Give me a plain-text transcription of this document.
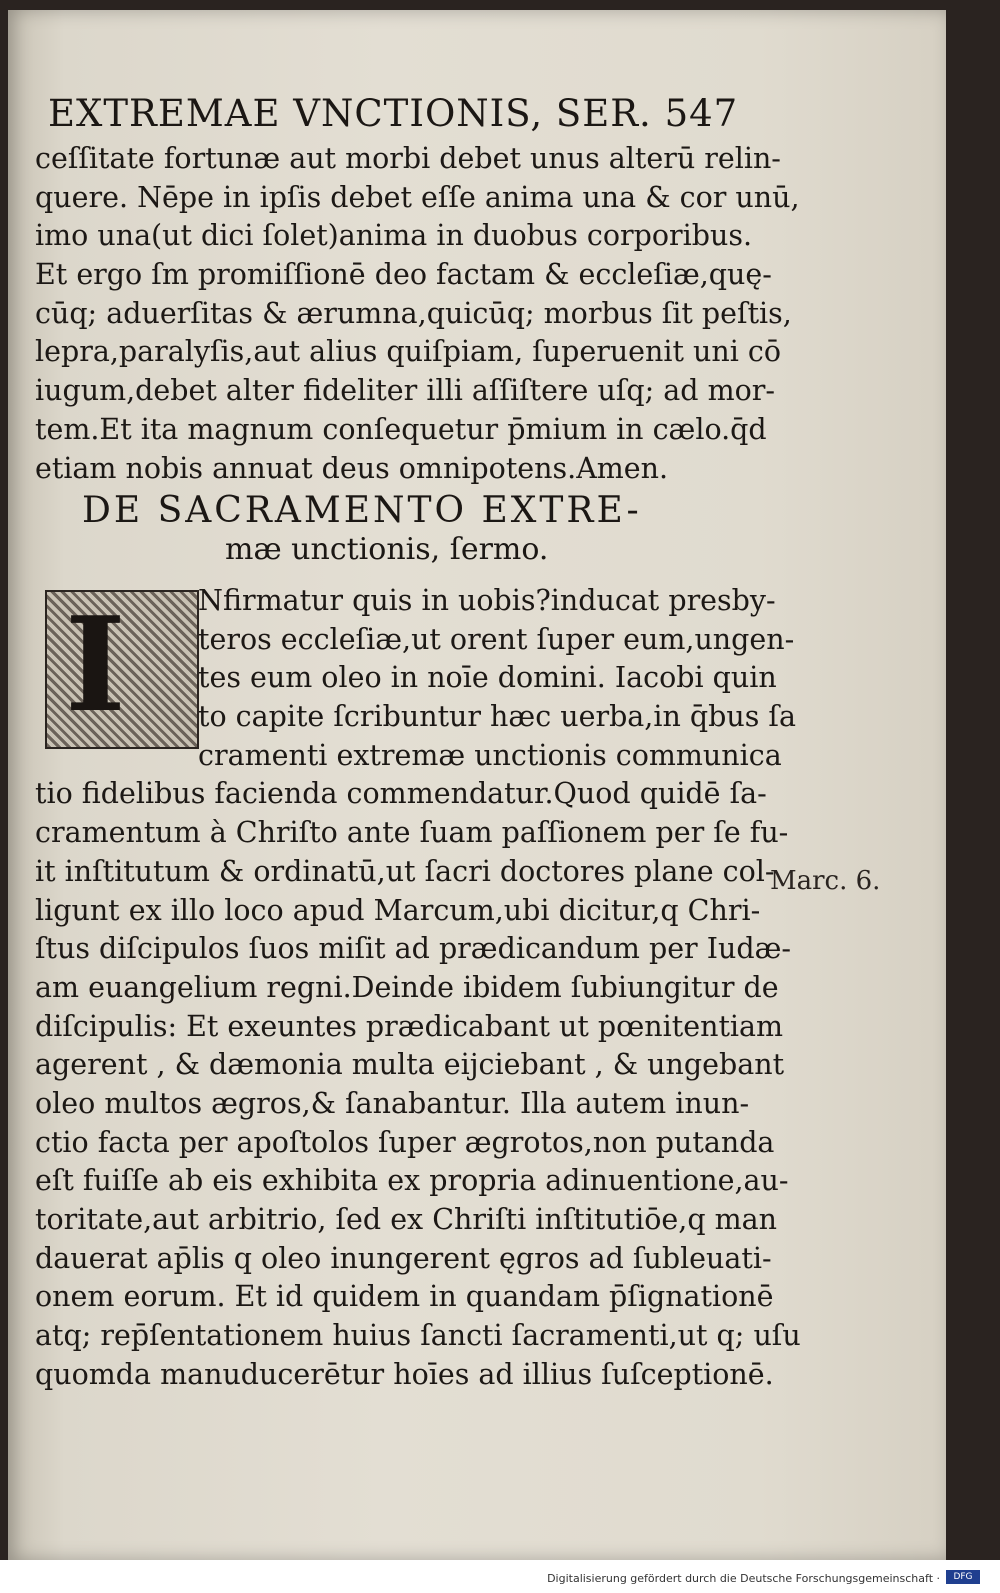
EXTREMAE VNCTIONIS, SER. 547
ceſſitate fortunæ aut morbi debet unus alterū relin-
quere. Nēpe in ipſis debet eſſe anima una & cor unū,
imo una(ut dici ſolet)anima in duobus corporibus.
Et ergo ſm promiſſionē deo factam & eccleſiæ,quę-
cūq; aduerſitas & ærumna,quicūq; morbus ſit peſtis,
lepra,paralyſis,aut alius quiſpiam, ſuperuenit uni cō
iugum,debet alter fideliter illi aſſiſtere uſq; ad mor-
tem.Et ita magnum conſequetur p̄mium in cælo.q̄d
etiam nobis annuat deus omnipotens.Amen.
DE SACRAMENTO EXTRE-
mæ unctionis, ſermo.
I	Nfirmatur quis in uobis?inducat presby-
teros eccleſiæ,ut orent ſuper eum,ungen-
tes eum oleo in noīe domini. Iacobi quin
to capite ſcribuntur hæc uerba,in q̄bus ſa
cramenti extremæ unctionis communica
tio fidelibus facienda commendatur.Quod quidē ſa-
cramentum à Chriſto ante ſuam paſſionem per ſe fu-
it inſtitutum & ordinatū,ut ſacri doctores plane col-
ligunt ex illo loco apud Marcum,ubi dicitur,q Chri-
ſtus diſcipulos ſuos miſit ad prædicandum per Iudæ-
am euangelium regni.Deinde ibidem ſubiungitur de
diſcipulis: Et exeuntes prædicabant ut pœnitentiam
agerent , & dæmonia multa eijciebant , & ungebant
oleo multos ægros,& ſanabantur. Illa autem inun-
ctio facta per apoſtolos ſuper ægrotos,non putanda
eſt fuiſſe ab eis exhibita ex propria adinuentione,au-
toritate,aut arbitrio, ſed ex Chriſti inſtitutiōe,q man
dauerat ap̄lis q oleo inungerent ęgros ad ſubleuati-
onem eorum. Et id quidem in quandam p̄ſignationē
atq; rep̄ſentationem huius ſancti ſacramenti,ut q; uſu
quomda manuducerētur hoīes ad illius ſuſceptionē.
Marc. 6.
Digitalisierung gefördert durch die Deutsche Forschungsgemeinschaft ·	DFG
